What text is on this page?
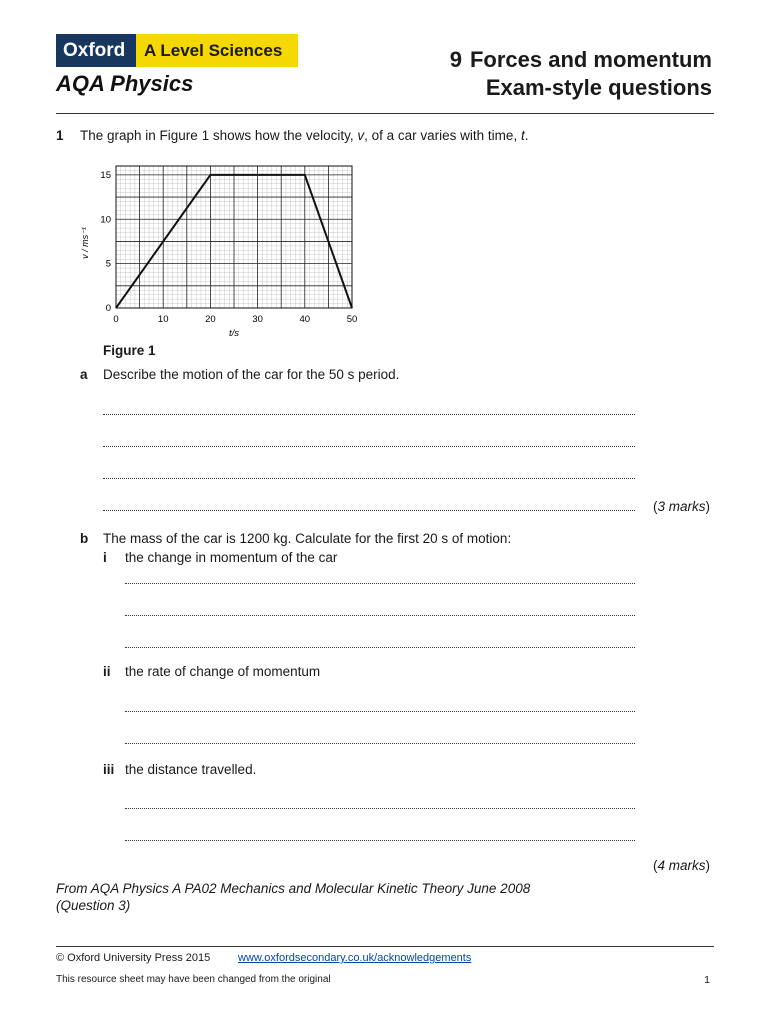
Oxford	A Level Sciences
AQA Physics
9 Forces and momentum
Exam-style questions
1 The graph in Figure 1 shows how the velocity, v, of a car varies with time, t.
0	10	20	30	40	50
0
5
10
15
t/s
v / ms⁻¹
Figure 1
a Describe the motion of the car for the 50 s period.
(3 marks)
b The mass of the car is 1200 kg. Calculate for the first 20 s of motion:
i the change in momentum of the car
ii the rate of change of momentum
iii the distance travelled.
(4 marks)
From AQA Physics A PA02 Mechanics and Molecular Kinetic Theory June 2008
(Question 3)
© Oxford University Press 2015	www.oxfordsecondary.co.uk/acknowledgements
This resource sheet may have been changed from the original	1
